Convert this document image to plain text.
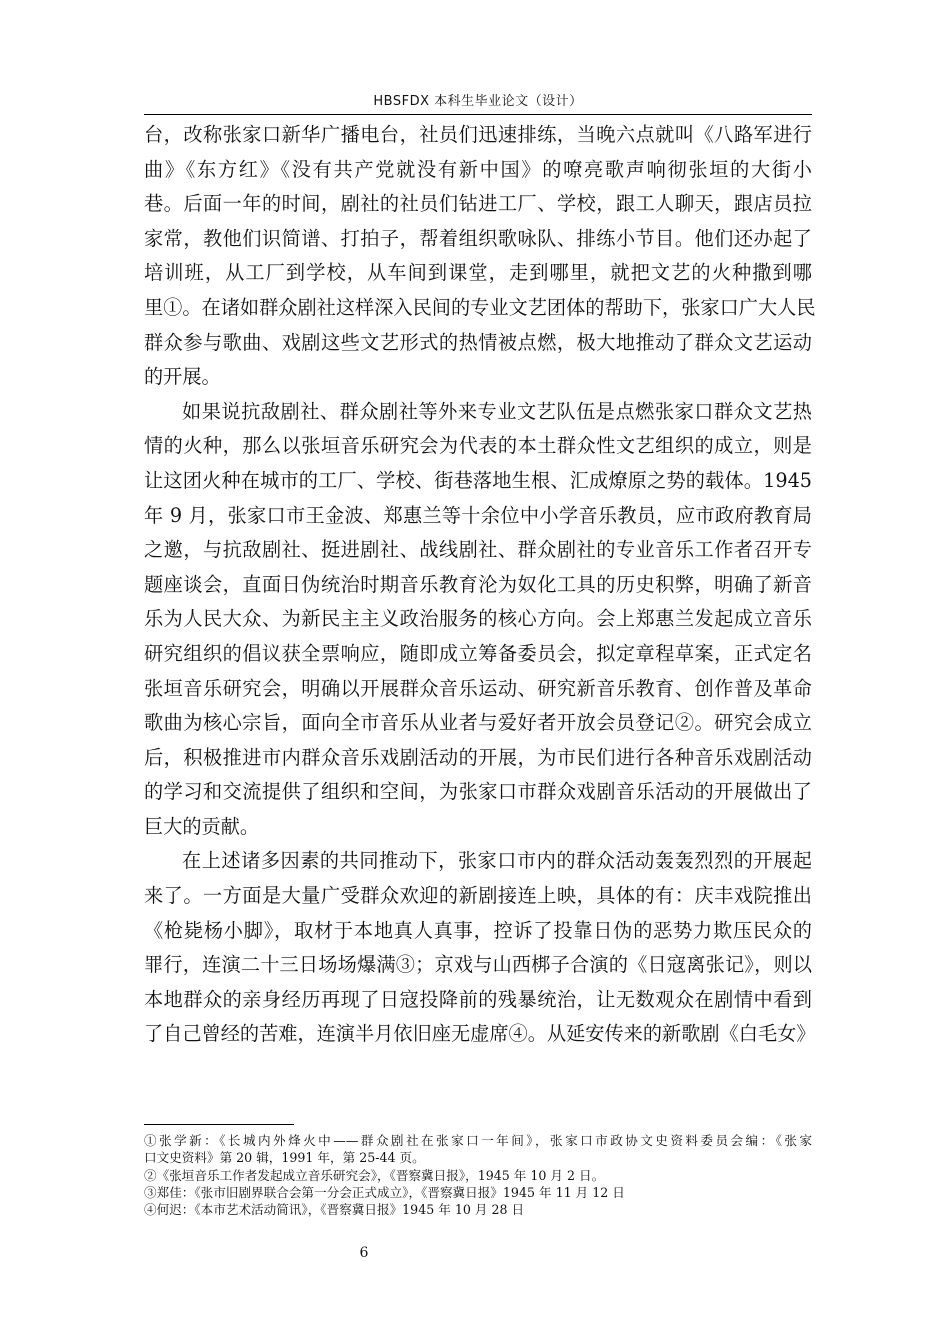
HBSFDX 本科生毕业论文（设计）
台，改称张家口新华广播电台，社员们迅速排练，当晚六点就叫《八路军进行
曲》《东方红》《没有共产党就没有新中国》的嘹亮歌声响彻张垣的大街小
巷。后面一年的时间，剧社的社员们钻进工厂、学校，跟工人聊天，跟店员拉
家常，教他们识简谱、打拍子，帮着组织歌咏队、排练小节目。他们还办起了
培训班，从工厂到学校，从车间到课堂，走到哪里，就把文艺的火种撒到哪
里①。在诸如群众剧社这样深入民间的专业文艺团体的帮助下，张家口广大人民
群众参与歌曲、戏剧这些文艺形式的热情被点燃，极大地推动了群众文艺运动
的开展。
如果说抗敌剧社、群众剧社等外来专业文艺队伍是点燃张家口群众文艺热
情的火种，那么以张垣音乐研究会为代表的本土群众性文艺组织的成立，则是
让这团火种在城市的工厂、学校、街巷落地生根、汇成燎原之势的载体。1945
年 9 月，张家口市王金波、郑惠兰等十余位中小学音乐教员，应市政府教育局
之邀，与抗敌剧社、挺进剧社、战线剧社、群众剧社的专业音乐工作者召开专
题座谈会，直面日伪统治时期音乐教育沦为奴化工具的历史积弊，明确了新音
乐为人民大众、为新民主主义政治服务的核心方向。会上郑惠兰发起成立音乐
研究组织的倡议获全票响应，随即成立筹备委员会，拟定章程草案，正式定名
张垣音乐研究会，明确以开展群众音乐运动、研究新音乐教育、创作普及革命
歌曲为核心宗旨，面向全市音乐从业者与爱好者开放会员登记②。研究会成立
后，积极推进市内群众音乐戏剧活动的开展，为市民们进行各种音乐戏剧活动
的学习和交流提供了组织和空间，为张家口市群众戏剧音乐活动的开展做出了
巨大的贡献。
在上述诸多因素的共同推动下，张家口市内的群众活动轰轰烈烈的开展起
来了。一方面是大量广受群众欢迎的新剧接连上映，具体的有：庆丰戏院推出
《枪毙杨小脚》，取材于本地真人真事，控诉了投靠日伪的恶势力欺压民众的
罪行，连演二十三日场场爆满③；京戏与山西梆子合演的《日寇离张记》，则以
本地群众的亲身经历再现了日寇投降前的残暴统治，让无数观众在剧情中看到
了自己曾经的苦难，连演半月依旧座无虚席④。从延安传来的新歌剧《白毛女》
①张学新：《长城内外烽火中——群众剧社在张家口一年间》，张家口市政协文史资料委员会编：《张家
口文史资料》第 20 辑，1991 年，第 25-44 页。
②《张垣音乐工作者发起成立音乐研究会》，《晋察冀日报》，1945 年 10 月 2 日。
③郑佳：《张市旧剧界联合会第一分会正式成立》，《晋察冀日报》1945 年 11 月 12 日
④何迟：《本市艺术活动简讯》，《晋察冀日报》1945 年 10 月 28 日
6
